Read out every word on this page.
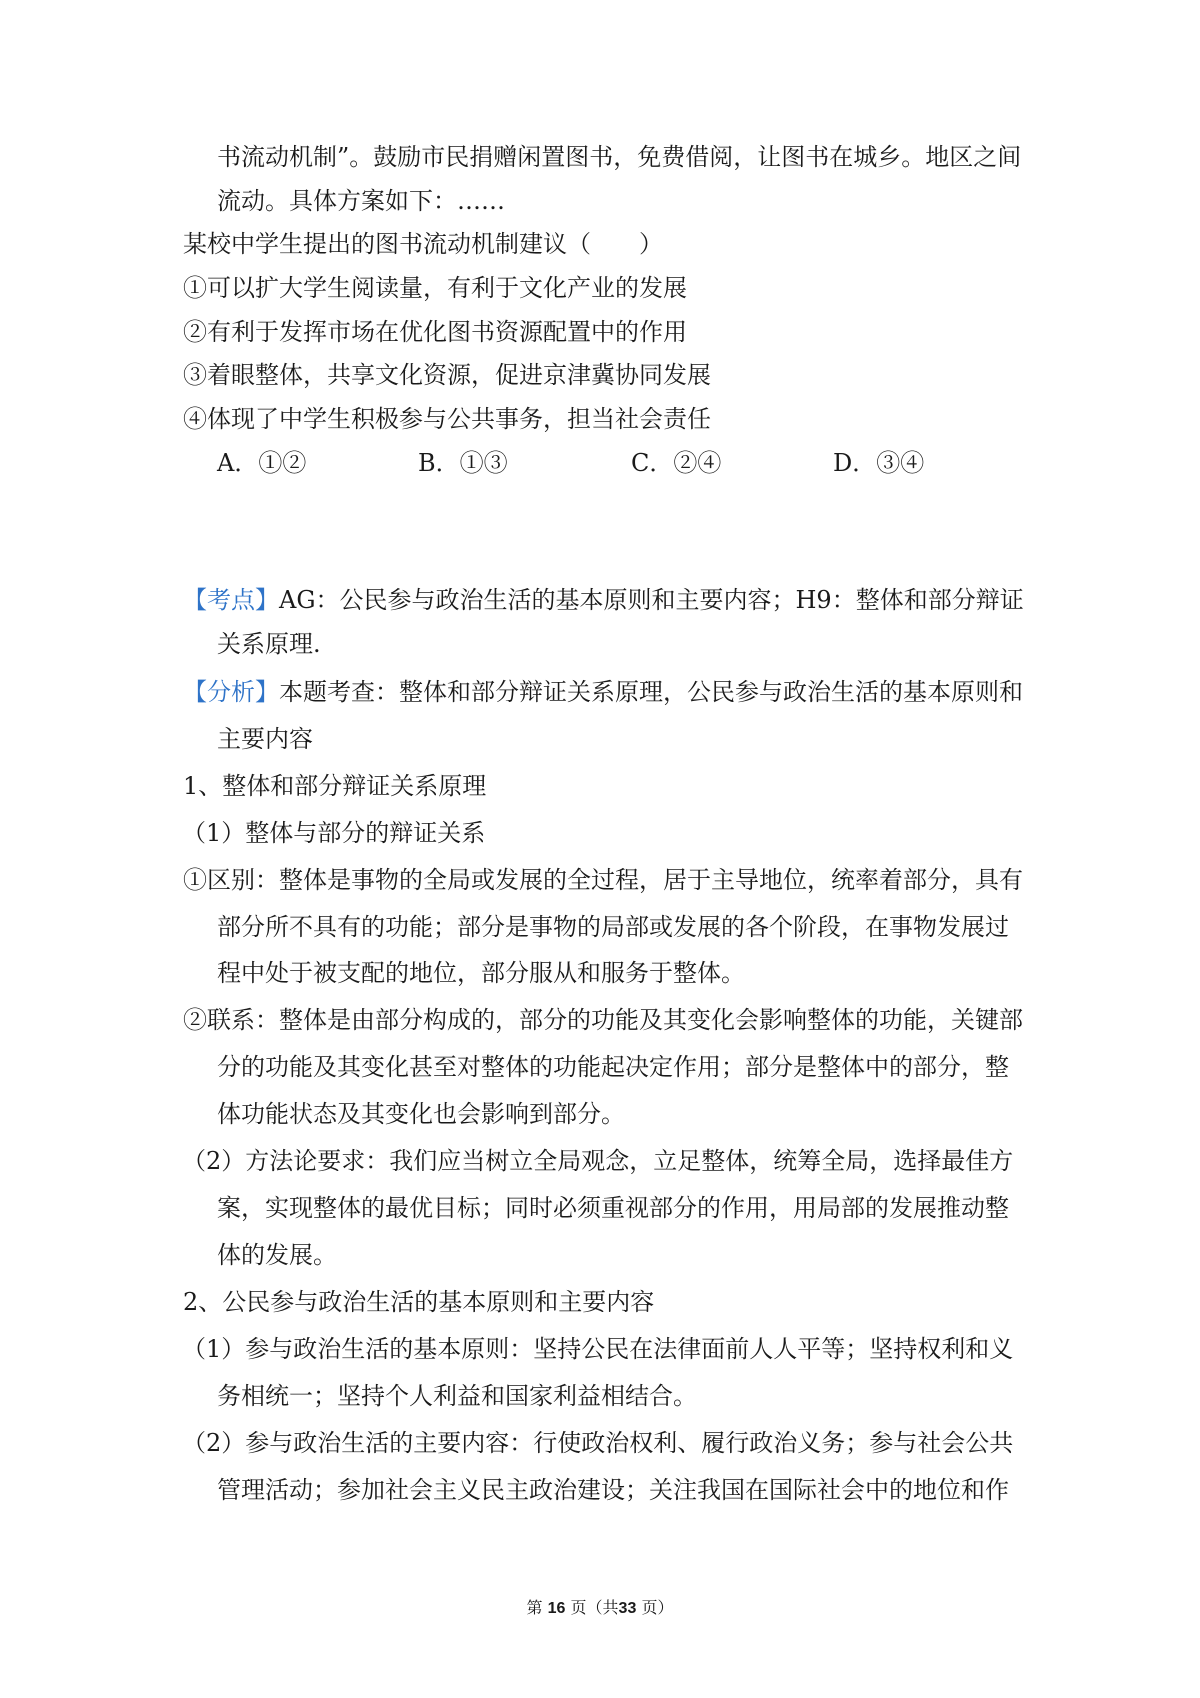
书流动机制”。鼓励市民捐赠闲置图书，免费借阅，让图书在城乡。地区之间
流动。具体方案如下：……
某校中学生提出的图书流动机制建议（　　）
①可以扩大学生阅读量，有利于文化产业的发展
②有利于发挥市场在优化图书资源配置中的作用
③着眼整体，共享文化资源，促进京津冀协同发展
④体现了中学生积极参与公共事务，担当社会责任
A．①②	B．①③	C．②④	D．③④
【考点】AG：公民参与政治生活的基本原则和主要内容；H9：整体和部分辩证
关系原理.
【分析】本题考查：整体和部分辩证关系原理，公民参与政治生活的基本原则和
主要内容
1、整体和部分辩证关系原理
（1）整体与部分的辩证关系
①区别：整体是事物的全局或发展的全过程，居于主导地位，统率着部分，具有
部分所不具有的功能；部分是事物的局部或发展的各个阶段，在事物发展过
程中处于被支配的地位，部分服从和服务于整体。
②联系：整体是由部分构成的，部分的功能及其变化会影响整体的功能，关键部
分的功能及其变化甚至对整体的功能起决定作用；部分是整体中的部分，整
体功能状态及其变化也会影响到部分。
（2）方法论要求：我们应当树立全局观念，立足整体，统筹全局，选择最佳方
案，实现整体的最优目标；同时必须重视部分的作用，用局部的发展推动整
体的发展。
2、公民参与政治生活的基本原则和主要内容
（1）参与政治生活的基本原则：坚持公民在法律面前人人平等；坚持权利和义
务相统一；坚持个人利益和国家利益相结合。
（2）参与政治生活的主要内容：行使政治权利、履行政治义务；参与社会公共
管理活动；参加社会主义民主政治建设；关注我国在国际社会中的地位和作
第 16 页（共33 页）
